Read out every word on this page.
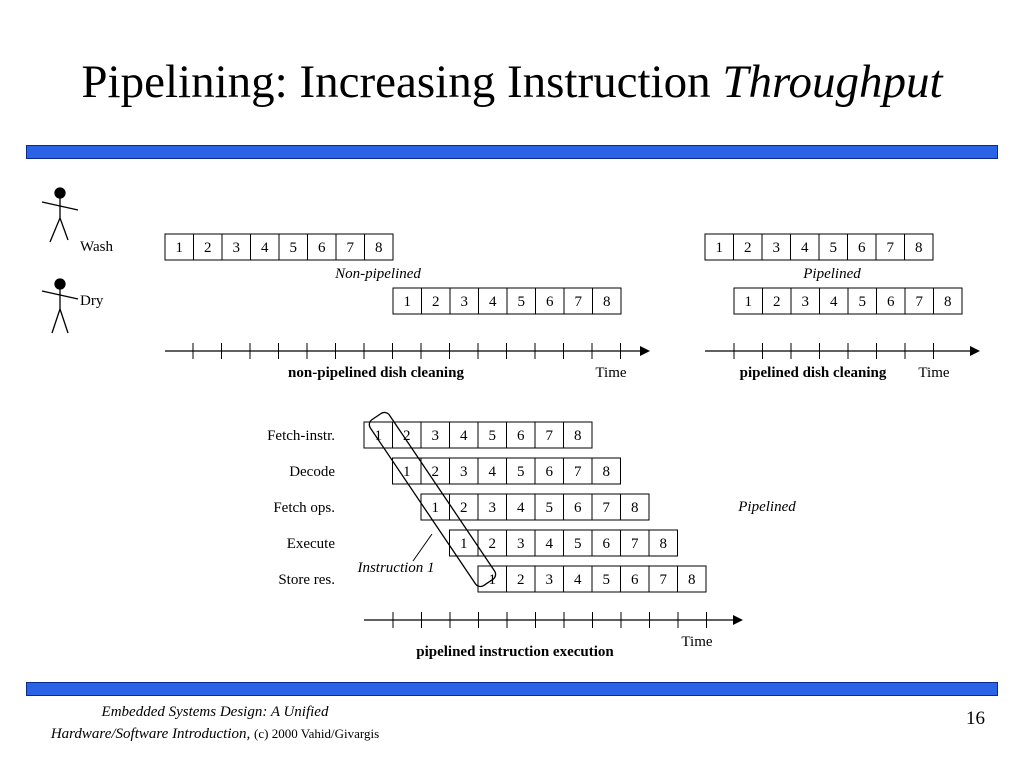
Pipelining: Increasing Instruction Throughput
Embedded Systems Design: A Unified
Hardware/Software Introduction, (c) 2000 Vahid/Givargis
16
Wash
Dry
1 2 3 4 5 6 7 8
1 2 3 4 5 6 7 8
Non-pipelined
non-pipelined dish cleaning	Time
1 2 3 4 5 6 7 8
1 2 3 4 5 6 7 8
Pipelined
pipelined dish cleaning Time
Fetch-instr.	1 2 3 4 5 6 7 8
Decode	1 2 3 4 5 6 7 8
Fetch ops.	1 2 3 4 5 6 7 8
Execute	1 2 3 4 5 6 7 8
Store res.	1 2 3 4 5 6 7 8
Pipelined
Instruction 1
Time
pipelined instruction execution
